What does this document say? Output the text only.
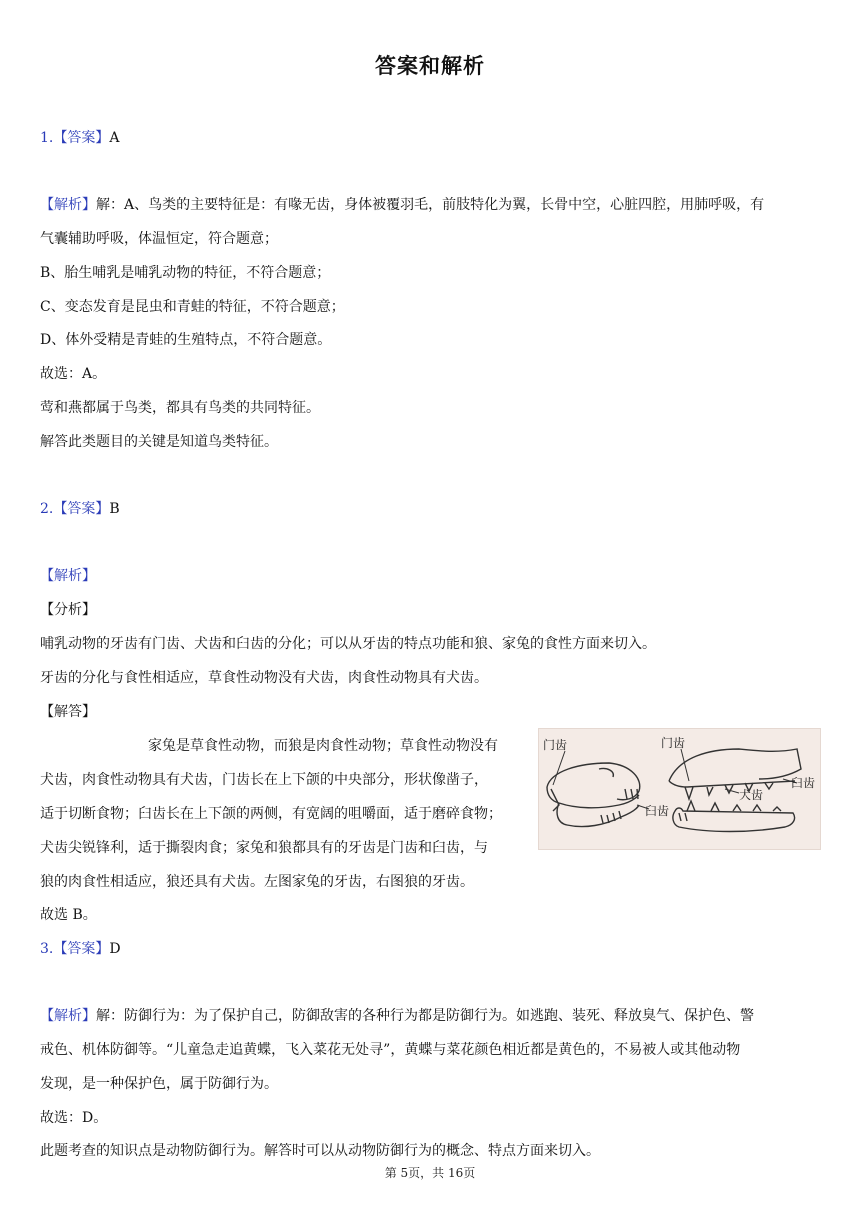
答案和解析
1.【答案】A
【解析】解：A、鸟类的主要特征是：有喙无齿，身体被覆羽毛，前肢特化为翼，长骨中空，心脏四腔，用肺呼吸，有
气囊辅助呼吸，体温恒定，符合题意；
B、胎生哺乳是哺乳动物的特征，不符合题意；
C、变态发育是昆虫和青蛙的特征，不符合题意；
D、体外受精是青蛙的生殖特点，不符合题意。
故选：A。
莺和燕都属于鸟类，都具有鸟类的共同特征。
解答此类题目的关键是知道鸟类特征。
2.【答案】B
【解析】
【分析】
哺乳动物的牙齿有门齿、犬齿和臼齿的分化；可以从牙齿的特点功能和狼、家兔的食性方面来切入。
牙齿的分化与食性相适应，草食性动物没有犬齿，肉食性动物具有犬齿。
【解答】
家兔是草食性动物，而狼是肉食性动物；草食性动物没有
犬齿，肉食性动物具有犬齿，门齿长在上下颌的中央部分，形状像凿子，
适于切断食物；臼齿长在上下颌的两侧，有宽阔的咀嚼面，适于磨碎食物；
犬齿尖锐锋利，适于撕裂肉食；家兔和狼都具有的牙齿是门齿和臼齿，与
狼的肉食性相适应，狼还具有犬齿。左图家兔的牙齿，右图狼的牙齿。
故选 B。
门齿
臼齿
门齿
犬齿
臼齿
3.【答案】D
【解析】解：防御行为：为了保护自己，防御敌害的各种行为都是防御行为。如逃跑、装死、释放臭气、保护色、警
戒色、机体防御等。“儿童急走追黄蝶，飞入菜花无处寻”，黄蝶与菜花颜色相近都是黄色的，不易被人或其他动物
发现，是一种保护色，属于防御行为。
故选：D。
此题考查的知识点是动物防御行为。解答时可以从动物防御行为的概念、特点方面来切入。
第 5页，共 16页
